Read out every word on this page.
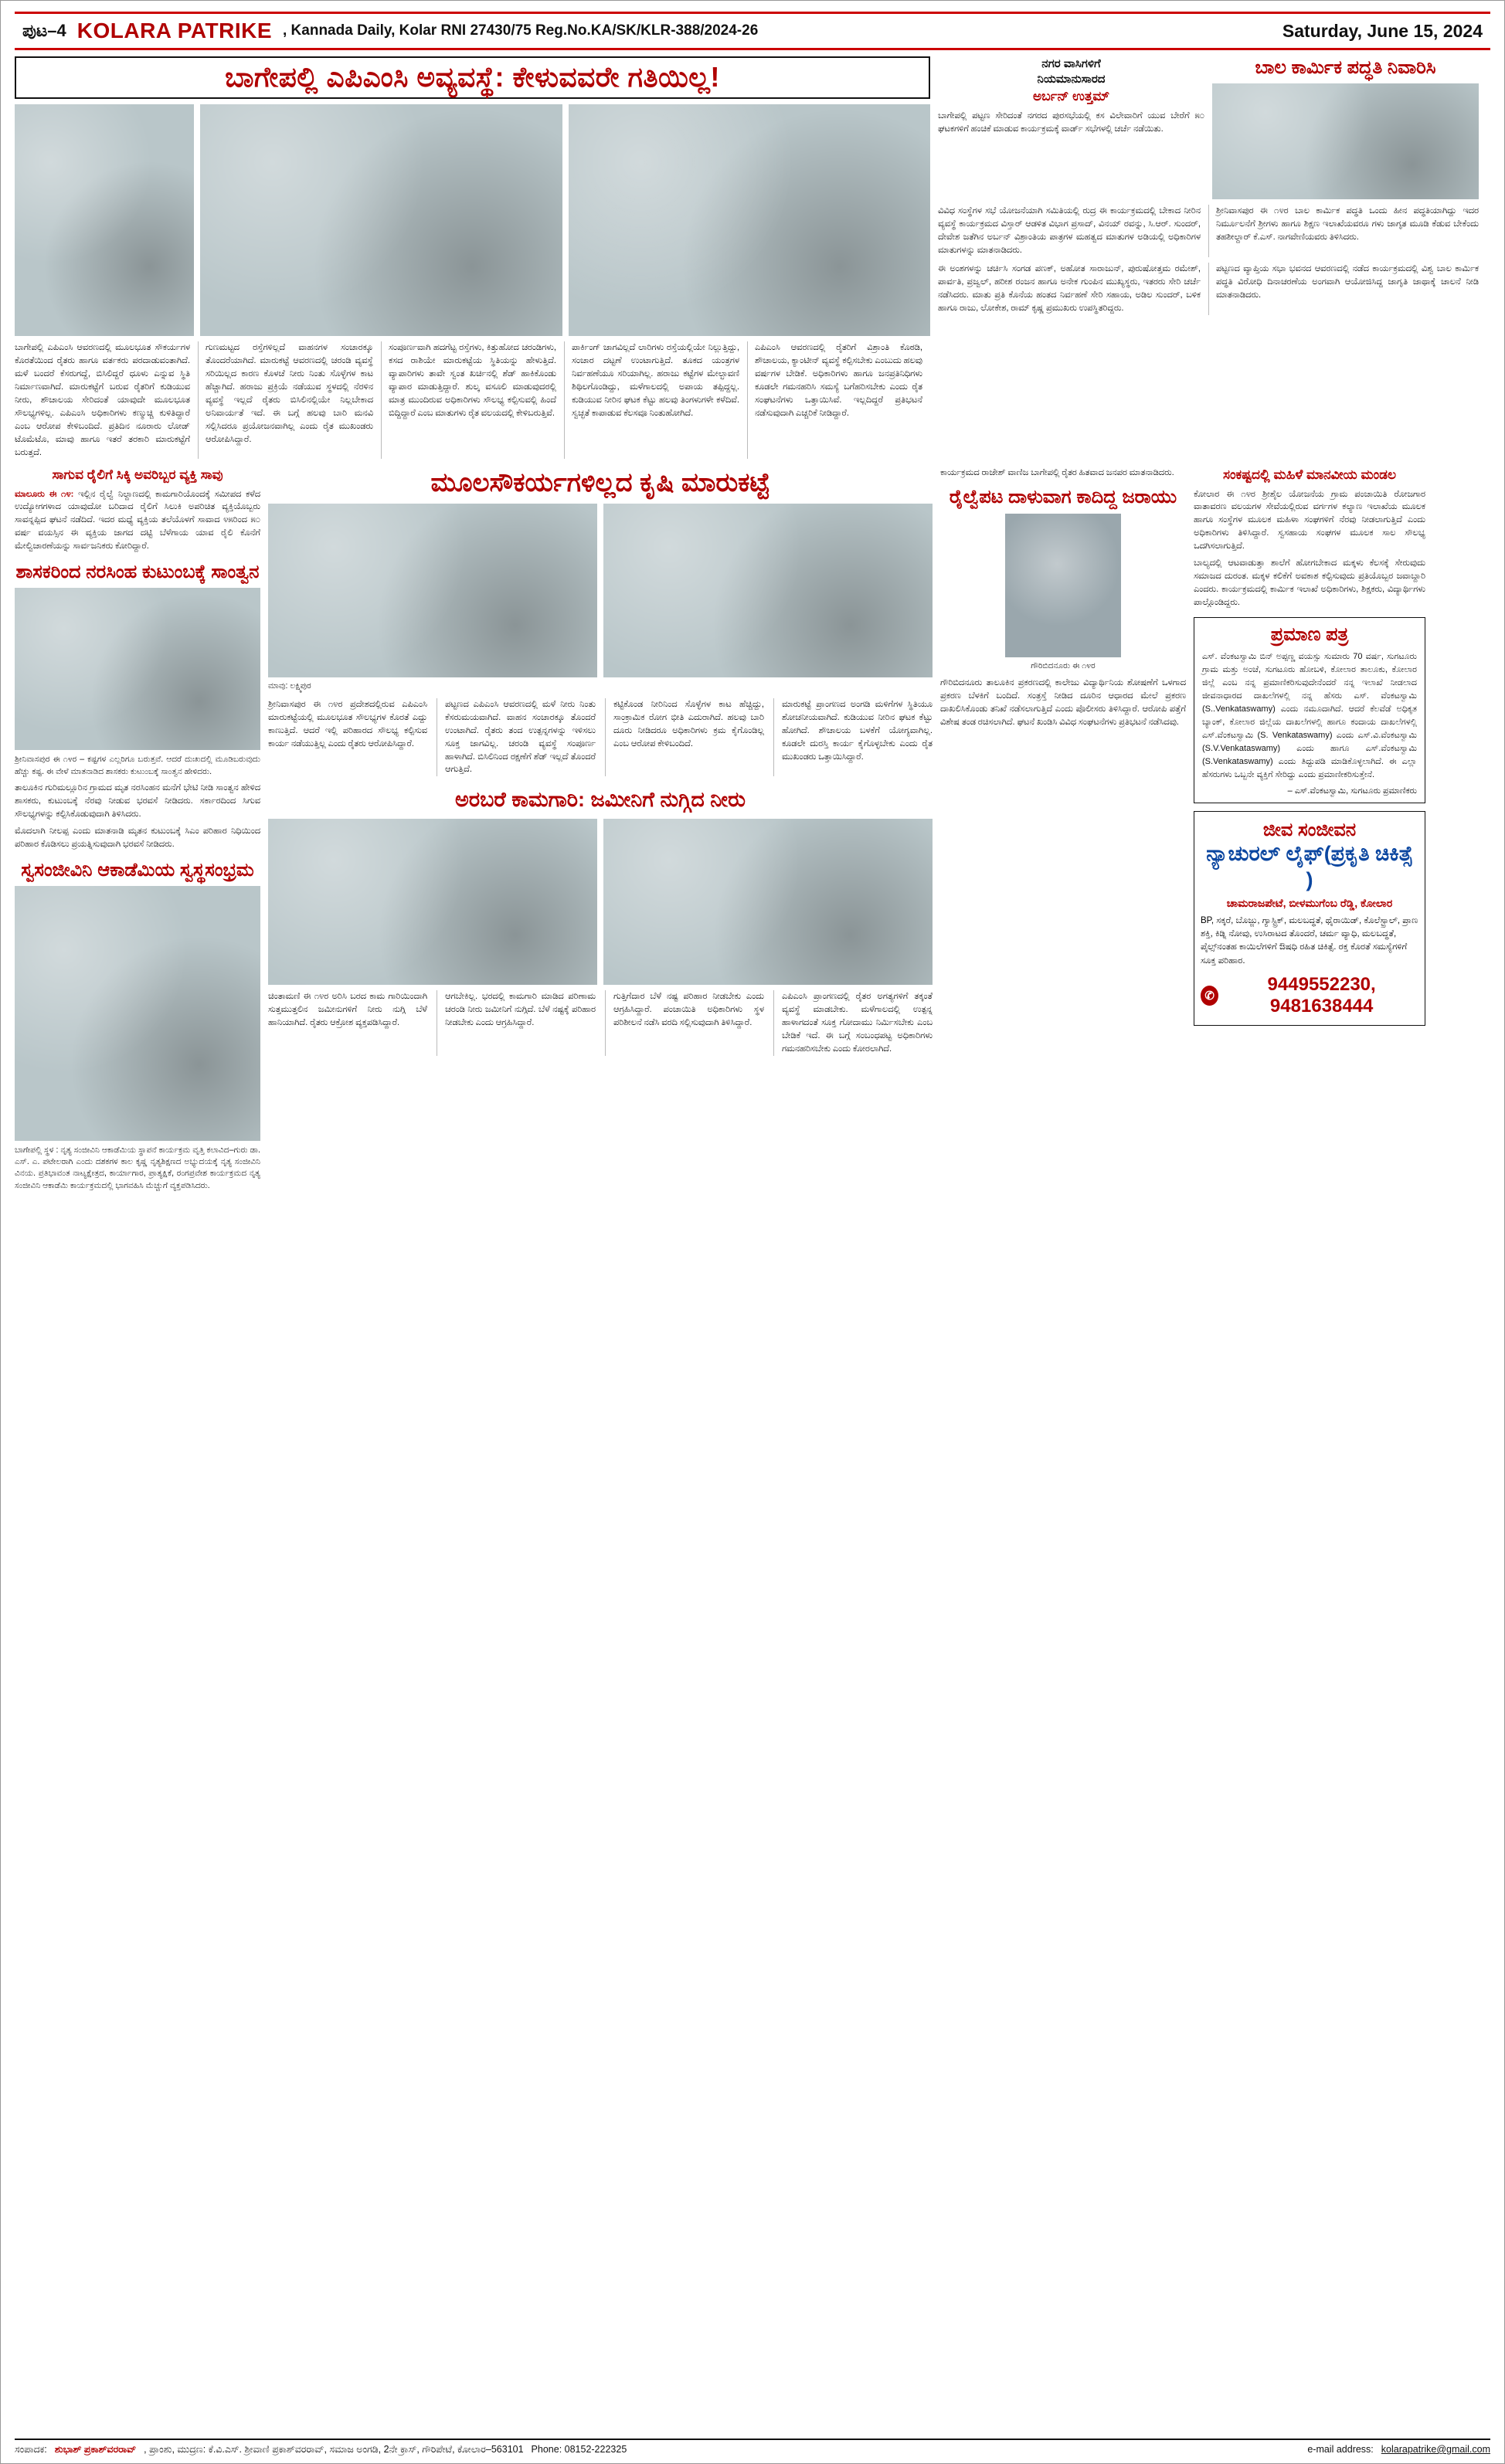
ಪುಟ–4 KOLARA PATRIKE , Kannada Daily, Kolar RNI 27430/75 Reg.No.KA/SK/KLR-388/2024-26	Saturday, June 15, 2024
ಬಾಗೇಪಲ್ಲಿ ಎಪಿಎಂಸಿ ಅವ್ಯವಸ್ಥೆ: ಕೇಳುವವರೇ ಗತಿಯಿಲ್ಲ!
ಬಾಗೇಪಲ್ಲಿ ಎಪಿಎಂಸಿ ಆವರಣದಲ್ಲಿ ಮೂಲಭೂತ ಸೌಕರ್ಯಗಳ ಕೊರತೆಯಿಂದ ರೈತರು ಹಾಗೂ ವರ್ತಕರು ಪರದಾಡುವಂತಾಗಿದೆ. ಮಳೆ ಬಂದರೆ ಕೆಸರುಗದ್ದೆ, ಬಿಸಿಲಿದ್ದರೆ ಧೂಳು ಎನ್ನುವ ಸ್ಥಿತಿ ನಿರ್ಮಾಣವಾಗಿದೆ. ಮಾರುಕಟ್ಟೆಗೆ ಬರುವ ರೈತರಿಗೆ ಕುಡಿಯುವ ನೀರು, ಶೌಚಾಲಯ ಸೇರಿದಂತೆ ಯಾವುದೇ ಮೂಲಭೂತ ಸೌಲಭ್ಯಗಳಿಲ್ಲ. ಎಪಿಎಂಸಿ ಅಧಿಕಾರಿಗಳು ಕಣ್ಮುಚ್ಚಿ ಕುಳಿತಿದ್ದಾರೆ ಎಂಬ ಆರೋಪ ಕೇಳಿಬಂದಿದೆ. ಪ್ರತಿದಿನ ನೂರಾರು ಲೋಡ್ ಟೊಮೆಟೊ, ಮಾವು ಹಾಗೂ ಇತರೆ ತರಕಾರಿ ಮಾರುಕಟ್ಟೆಗೆ ಬರುತ್ತದೆ.
ಗುಣಮಟ್ಟದ ರಸ್ತೆಗಳಿಲ್ಲದೆ ವಾಹನಗಳ ಸಂಚಾರಕ್ಕೂ ತೊಂದರೆಯಾಗಿದೆ. ಮಾರುಕಟ್ಟೆ ಆವರಣದಲ್ಲಿ ಚರಂಡಿ ವ್ಯವಸ್ಥೆ ಸರಿಯಿಲ್ಲದ ಕಾರಣ ಕೊಳಚೆ ನೀರು ನಿಂತು ಸೊಳ್ಳೆಗಳ ಕಾಟ ಹೆಚ್ಚಾಗಿದೆ. ಹರಾಜು ಪ್ರಕ್ರಿಯೆ ನಡೆಯುವ ಸ್ಥಳದಲ್ಲಿ ನೆರಳಿನ ವ್ಯವಸ್ಥೆ ಇಲ್ಲದೆ ರೈತರು ಬಿಸಿಲಿನಲ್ಲಿಯೇ ನಿಲ್ಲಬೇಕಾದ ಅನಿವಾರ್ಯತೆ ಇದೆ. ಈ ಬಗ್ಗೆ ಹಲವು ಬಾರಿ ಮನವಿ ಸಲ್ಲಿಸಿದರೂ ಪ್ರಯೋಜನವಾಗಿಲ್ಲ ಎಂದು ರೈತ ಮುಖಂಡರು ಆರೋಪಿಸಿದ್ದಾರೆ.
ಸಂಪೂರ್ಣವಾಗಿ ಹದಗೆಟ್ಟ ರಸ್ತೆಗಳು, ಕಿತ್ತುಹೋದ ಚರಂಡಿಗಳು, ಕಸದ ರಾಶಿಯೇ ಮಾರುಕಟ್ಟೆಯ ಸ್ಥಿತಿಯನ್ನು ಹೇಳುತ್ತಿದೆ. ವ್ಯಾಪಾರಿಗಳು ತಾವೇ ಸ್ವಂತ ಖರ್ಚಿನಲ್ಲಿ ಶೆಡ್ ಹಾಕಿಕೊಂಡು ವ್ಯಾಪಾರ ಮಾಡುತ್ತಿದ್ದಾರೆ. ಶುಲ್ಕ ವಸೂಲಿ ಮಾಡುವುದರಲ್ಲಿ ಮಾತ್ರ ಮುಂದಿರುವ ಅಧಿಕಾರಿಗಳು ಸೌಲಭ್ಯ ಕಲ್ಪಿಸುವಲ್ಲಿ ಹಿಂದೆ ಬಿದ್ದಿದ್ದಾರೆ ಎಂಬ ಮಾತುಗಳು ರೈತ ವಲಯದಲ್ಲಿ ಕೇಳಿಬರುತ್ತಿವೆ.
ಪಾರ್ಕಿಂಗ್ ಜಾಗವಿಲ್ಲದೆ ಲಾರಿಗಳು ರಸ್ತೆಯಲ್ಲಿಯೇ ನಿಲ್ಲುತ್ತಿದ್ದು, ಸಂಚಾರ ದಟ್ಟಣೆ ಉಂಟಾಗುತ್ತಿದೆ. ತೂಕದ ಯಂತ್ರಗಳ ನಿರ್ವಹಣೆಯೂ ಸರಿಯಾಗಿಲ್ಲ. ಹರಾಜು ಕಟ್ಟೆಗಳ ಮೇಲ್ಛಾವಣಿ ಶಿಥಿಲಗೊಂಡಿದ್ದು, ಮಳೆಗಾಲದಲ್ಲಿ ಅಪಾಯ ತಪ್ಪಿದ್ದಲ್ಲ. ಕುಡಿಯುವ ನೀರಿನ ಘಟಕ ಕೆಟ್ಟು ಹಲವು ತಿಂಗಳುಗಳೇ ಕಳೆದಿವೆ. ಸ್ವಚ್ಛತೆ ಕಾಪಾಡುವ ಕೆಲಸವೂ ನಿಂತುಹೋಗಿದೆ.
ಎಪಿಎಂಸಿ ಆವರಣದಲ್ಲಿ ರೈತರಿಗೆ ವಿಶ್ರಾಂತಿ ಕೊಠಡಿ, ಶೌಚಾಲಯ, ಕ್ಯಾಂಟೀನ್ ವ್ಯವಸ್ಥೆ ಕಲ್ಪಿಸಬೇಕು ಎಂಬುದು ಹಲವು ವರ್ಷಗಳ ಬೇಡಿಕೆ. ಅಧಿಕಾರಿಗಳು ಹಾಗೂ ಜನಪ್ರತಿನಿಧಿಗಳು ಕೂಡಲೇ ಗಮನಹರಿಸಿ ಸಮಸ್ಯೆ ಬಗೆಹರಿಸಬೇಕು ಎಂದು ರೈತ ಸಂಘಟನೆಗಳು ಒತ್ತಾಯಿಸಿವೆ. ಇಲ್ಲದಿದ್ದರೆ ಪ್ರತಿಭಟನೆ ನಡೆಸುವುದಾಗಿ ಎಚ್ಚರಿಕೆ ನೀಡಿದ್ದಾರೆ.
ನಗರ ವಾಸಿಗಳಿಗೆ
ನಿಯಮಾನುಸಾರದ
ಅರ್ಬನ್ ಉತ್ತಮ್
ಬಾಗೇಪಲ್ಲಿ ಪಟ್ಟಣ ಸೇರಿದಂತೆ ನಗರದ ಪುರಸಭೆಯಲ್ಲಿ ಕಸ ವಿಲೇವಾರಿಗೆ ಯುವ ಬೇರೆಗೆ ೫೦ ಘಟಕಗಳಿಗೆ ಹಂಚಿಕೆ ಮಾಡುವ ಕಾರ್ಯಕ್ರಮಕ್ಕೆ ವಾರ್ಡ್ ಸಭೆಗಳಲ್ಲಿ ಚರ್ಚೆ ನಡೆಯಿತು.
ಬಾಲ ಕಾರ್ಮಿಕ ಪದ್ಧತಿ ನಿವಾರಿಸಿ
ವಿವಿಧ ಸಂಸ್ಥೆಗಳ ಸಭೆ ಯೋಜನೆಯಾಗಿ ಸಮಿತಿಯಲ್ಲಿ ರುದ್ರ ಈ ಕಾರ್ಯಕ್ರಮದಲ್ಲಿ ಬೇಕಾದ ನೀರಿನ ವ್ಯವಸ್ಥೆ ಕಾರ್ಯಕ್ರಮದ ವಿಸ್ತಾರ್ ಆಡಳಿತ ವಿಭಾಗ ಪ್ರಸಾದ್, ವಿನಯ್ ರವನ್ನು, ಸಿ.ಆರ್. ಸುಂದರ್, ದೇವೇಶ ಜತೆಗಿನ ಅರ್ಬನ್ ವಿಶ್ರಾಂತಿಯ ಪಾತ್ರಗಳ ಮಹತ್ವದ ಮಾತುಗಳ ಅಡಿಯಲ್ಲಿ ಅಧಿಕಾರಿಗಳ ಮಾತುಗಳನ್ನು ಮಾತನಾಡಿದರು.
ಶ್ರೀನಿವಾಸಪುರ ಈ ೧೪ರ ಬಾಲ ಕಾರ್ಮಿಕ ಪದ್ಧತಿ ಒಂದು ಹೀನ ಪದ್ಧತಿಯಾಗಿದ್ದು ಇದರ ನಿರ್ಮೂಲನೆಗೆ ಶ್ರೀಗಳು ಹಾಗೂ ಶಿಕ್ಷಣ ಇಲಾಖೆಯವರೂ ಗಳು ಜಾಗೃತ ಮೂಡಿ ಕೆಡುವ ಬೇಕೆಂದು ತಹಶೀಲ್ದಾರ್ ಕೆ.ಎಸ್. ನಾಗವೇಣಿಯವರು ತಿಳಿಸಿದರು.
ಈ ಅಂಶಗಳನ್ನು ಚರ್ಚಿಸಿ ಸಂಗಡ ಪಣಕ್, ಅಹೋತ ಸಾರಾಜುನ್, ಪುರುಷೋತ್ತಮ ರಮೇಶ್, ಪಾರ್ವತಿ, ಪ್ರಜ್ವಲ್, ಹರೀಶ ರಂಜನ ಹಾಗೂ ಅನೇಕ ಗುಂಪಿನ ಮುಖ್ಯಸ್ಥರು, ಇತರರು ಸೇರಿ ಚರ್ಚೆ ನಡೆಸಿದರು. ಮಾತು ಪ್ರತಿ ಕೊನೆಯ ಹಂತದ ನಿರ್ವಹಣೆ ಸೇರಿ ಸಹಾಯ, ಅಡಿಲ ಸುಂದರ್, ಬಳಿಕ ಹಾಗೂ ರಾಜು, ಲೋಕೇಶ, ರಾಮ್ ಕೃಷ್ಣ ಪ್ರಮುಖರು ಉಪಸ್ಥಿತರಿದ್ದರು.
ಪಟ್ಟಣದ ವ್ಯಾಪ್ತಿಯ ಸಭಾ ಭವನದ ಆವರಣದಲ್ಲಿ ನಡೆದ ಕಾರ್ಯಕ್ರಮದಲ್ಲಿ ವಿಶ್ವ ಬಾಲ ಕಾರ್ಮಿಕ ಪದ್ಧತಿ ವಿರೋಧಿ ದಿನಾಚರಣೆಯ ಅಂಗವಾಗಿ ಆಯೋಜಿಸಿದ್ದ ಜಾಗೃತಿ ಜಾಥಾಕ್ಕೆ ಚಾಲನೆ ನೀಡಿ ಮಾತನಾಡಿದರು.
ಸಾಗುವ ರೈಲಿಗೆ ಸಿಕ್ಕಿ ಅವರಿಬ್ಬರ ವ್ಯಕ್ತಿ ಸಾವು
ಮಾಲೂರು ಈ ೧೪: ಇಲ್ಲಿನ ರೈಲ್ವೆ ನಿಲ್ದಾಣದಲ್ಲಿ ಕಾಮಗಾರಿಯೊಂದಕ್ಕೆ ಸಮೀಪದ ಕಳೆದ ಉದ್ಯೋಗಗಳಾದ ಯಾವುದೋ ಬರಿದಾದ ರೈಲಿಗೆ ಸಿಲುಕಿ ಅಪರಿಚಿತ ವ್ಯಕ್ತಿಯೊಬ್ಬರು ಸಾವನ್ನಪ್ಪಿದ ಘಟನೆ ನಡೆದಿದೆ. ಇದರ ಮಧ್ಯೆ ವ್ಯಕ್ತಿಯ ತಲೆಯೊಳಗೆ ಸಾವಾದ ೪೫ರಿಂದ ೫೦ ವರ್ಷ ವಯಸ್ಸಿನ ಈ ವ್ಯಕ್ತಿಯ ಜಾಗದ ದಟ್ಟಿ ಬೆಳೆಗಾಯ ಯಾವ ರೈಲಿ ಕೊನೆಗೆ ಮೇಲ್ವಿಚಾರಣೆಯನ್ನು ಸಾರ್ವಜನಿಕರು ಕೋರಿದ್ದಾರೆ.
ಶಾಸಕರಿಂದ ನರಸಿಂಹ ಕುಟುಂಬಕ್ಕೆ ಸಾಂತ್ವನ
ಶ್ರೀನಿವಾಸಪುರ ಈ ೧೪ರ – ಕಷ್ಟಗಳ ಎಲ್ಲರಿಗೂ ಬರುತ್ತವೆ. ಆದರೆ ದುಃಖದಲ್ಲಿ ಮೂಡಿಬರುವುದು ಹೆಚ್ಚು ಕಷ್ಟ. ಈ ವೇಳೆ ಮಾತನಾಡಿದ ಶಾಸಕರು ಕುಟುಂಬಕ್ಕೆ ಸಾಂತ್ವನ ಹೇಳಿದರು.
ತಾಲೂಕಿನ ಗುರಿಮಲ್ಲೂರಿನ ಗ್ರಾಮದ ಮೃತ ನರಸಿಂಹನ ಮನೆಗೆ ಭೇಟಿ ನೀಡಿ ಸಾಂತ್ವನ ಹೇಳಿದ ಶಾಸಕರು, ಕುಟುಂಬಕ್ಕೆ ನೆರವು ನೀಡುವ ಭರವಸೆ ನೀಡಿದರು. ಸರ್ಕಾರದಿಂದ ಸಿಗುವ ಸೌಲಭ್ಯಗಳನ್ನು ಕಲ್ಪಿಸಿಕೊಡುವುದಾಗಿ ತಿಳಿಸಿದರು.
ಮೊದಲಾಗಿ ನೀಲಪ್ಪ ಎಂದು ಮಾತನಾಡಿ ಮೃತನ ಕುಟುಂಬಕ್ಕೆ ಸಿಎಂ ಪರಿಹಾರ ನಿಧಿಯಿಂದ ಪರಿಹಾರ ಕೊಡಿಸಲು ಪ್ರಯತ್ನಿಸುವುದಾಗಿ ಭರವಸೆ ನೀಡಿದರು.
ಸ್ವಸಂಜೀವಿನಿ ಆಕಾಡೆಮಿಯ ಸ್ವಸ್ಥಸಂಭ್ರಮ
ಬಾಗೇಪಲ್ಲಿ ಸ್ಥಳ : ನೃತ್ಯ ಸಂಜೀವಿನಿ ಆಕಾಡೆಮಿಯ ಸ್ಥಾಪನೆ ಕಾರ್ಯಕ್ರಮ ವೃತ್ತಿ ಕಲಾವಿದ–ಗುರು ಡಾ. ಎಸ್. ಎ. ಪಟೇಲರಾಗಿ ಎಂದು ದಶಕಗಳ ಕಾಲ ಕೃಷ್ಣ ನೃತ್ಯಶಿಕ್ಷಣದ ಅಭ್ಯುದಯಕ್ಕೆ ನೃತ್ಯ ಸಂಜೀವಿನಿ ವಿನಯ. ಪ್ರತಿಭಾವಂತ ನಾಟ್ಯಕ್ಷೇತ್ರದ, ಕಾರ್ಯಾಗಾರ, ಪ್ರಾತ್ಯಕ್ಷಿಕೆ, ರಂಗಪ್ರವೇಶ ಕಾರ್ಯಕ್ರಮದ ನೃತ್ಯ ಸಂಜೀವಿನಿ ಆಕಾಡೆಮಿ ಕಾರ್ಯಕ್ರಮದಲ್ಲಿ ಭಾಗವಹಿಸಿ ಮೆಚ್ಚುಗೆ ವ್ಯಕ್ತಪಡಿಸಿದರು.
ಮೂಲಸೌಕರ್ಯಗಳಿಲ್ಲದ ಕೃಷಿ ಮಾರುಕಟ್ಟೆ
ಮಾವು: ಲಕ್ಷ್ಮಿಪುರ
ಶ್ರೀನಿವಾಸಪುರ ಈ ೧೪ರ ಪ್ರದೇಶದಲ್ಲಿರುವ ಎಪಿಎಂಸಿ ಮಾರುಕಟ್ಟೆಯಲ್ಲಿ ಮೂಲಭೂತ ಸೌಲಭ್ಯಗಳ ಕೊರತೆ ಎದ್ದು ಕಾಣುತ್ತಿದೆ. ಆದರೆ ಇಲ್ಲಿ ಪರಿಹಾರದ ಸೌಲಭ್ಯ ಕಲ್ಪಿಸುವ ಕಾರ್ಯ ನಡೆಯುತ್ತಿಲ್ಲ ಎಂದು ರೈತರು ಆರೋಪಿಸಿದ್ದಾರೆ.
ಪಟ್ಟಣದ ಎಪಿಎಂಸಿ ಆವರಣದಲ್ಲಿ ಮಳೆ ನೀರು ನಿಂತು ಕೆಸರುಮಯವಾಗಿದೆ. ವಾಹನ ಸಂಚಾರಕ್ಕೂ ತೊಂದರೆ ಉಂಟಾಗಿದೆ. ರೈತರು ತಂದ ಉತ್ಪನ್ನಗಳನ್ನು ಇಳಿಸಲು ಸೂಕ್ತ ಜಾಗವಿಲ್ಲ. ಚರಂಡಿ ವ್ಯವಸ್ಥೆ ಸಂಪೂರ್ಣ ಹಾಳಾಗಿದೆ. ಬಿಸಿಲಿನಿಂದ ರಕ್ಷಣೆಗೆ ಶೆಡ್ ಇಲ್ಲದೆ ತೊಂದರೆ ಆಗುತ್ತಿದೆ.
ಕಟ್ಟಿಕೊಂಡ ನೀರಿನಿಂದ ಸೊಳ್ಳೆಗಳ ಕಾಟ ಹೆಚ್ಚಿದ್ದು, ಸಾಂಕ್ರಾಮಿಕ ರೋಗ ಭೀತಿ ಎದುರಾಗಿದೆ. ಹಲವು ಬಾರಿ ದೂರು ನೀಡಿದರೂ ಅಧಿಕಾರಿಗಳು ಕ್ರಮ ಕೈಗೊಂಡಿಲ್ಲ ಎಂಬ ಆರೋಪ ಕೇಳಿಬಂದಿದೆ.
ಮಾರುಕಟ್ಟೆ ಪ್ರಾಂಗಣದ ಅಂಗಡಿ ಮಳಿಗೆಗಳ ಸ್ಥಿತಿಯೂ ಶೋಚನೀಯವಾಗಿದೆ. ಕುಡಿಯುವ ನೀರಿನ ಘಟಕ ಕೆಟ್ಟು ಹೋಗಿದೆ. ಶೌಚಾಲಯ ಬಳಕೆಗೆ ಯೋಗ್ಯವಾಗಿಲ್ಲ. ಕೂಡಲೇ ದುರಸ್ತಿ ಕಾರ್ಯ ಕೈಗೊಳ್ಳಬೇಕು ಎಂದು ರೈತ ಮುಖಂಡರು ಒತ್ತಾಯಿಸಿದ್ದಾರೆ.
ಅರಬರೆ ಕಾಮಗಾರಿ: ಜಮೀನಿಗೆ ನುಗ್ಗಿದ ನೀರು
ಚಿಂತಾಮಣಿ ಈ ೧೪ರ ಅರಿಸಿ ಬರದ ಕಾಮ ಗಾರಿಯಿಂದಾಗಿ ಸುತ್ತಮುತ್ತಲಿನ ಜಮೀನುಗಳಿಗೆ ನೀರು ನುಗ್ಗಿ ಬೆಳೆ ಹಾನಿಯಾಗಿದೆ. ರೈತರು ಆಕ್ರೋಶ ವ್ಯಕ್ತಪಡಿಸಿದ್ದಾರೆ.
ಆಗಬೇಕಿಲ್ಲ. ಭರದಲ್ಲಿ ಕಾಮಗಾರಿ ಮಾಡಿದ ಪರಿಣಾಮ ಚರಂಡಿ ನೀರು ಜಮೀನಿಗೆ ನುಗ್ಗಿದೆ. ಬೆಳೆ ನಷ್ಟಕ್ಕೆ ಪರಿಹಾರ ನೀಡಬೇಕು ಎಂದು ಆಗ್ರಹಿಸಿದ್ದಾರೆ.
ಗುತ್ತಿಗೆದಾರ ಬೆಳೆ ನಷ್ಟ ಪರಿಹಾರ ನೀಡಬೇಕು ಎಂದು ಆಗ್ರಹಿಸಿದ್ದಾರೆ. ಪಂಚಾಯಿತಿ ಅಧಿಕಾರಿಗಳು ಸ್ಥಳ ಪರಿಶೀಲನೆ ನಡೆಸಿ ವರದಿ ಸಲ್ಲಿಸುವುದಾಗಿ ತಿಳಿಸಿದ್ದಾರೆ.
ಎಪಿಎಂಸಿ ಪ್ರಾಂಗಣದಲ್ಲಿ ರೈತರ ಅಗತ್ಯಗಳಿಗೆ ತಕ್ಕಂತೆ ವ್ಯವಸ್ಥೆ ಮಾಡಬೇಕು. ಮಳೆಗಾಲದಲ್ಲಿ ಉತ್ಪನ್ನ ಹಾಳಾಗದಂತೆ ಸೂಕ್ತ ಗೋದಾಮು ನಿರ್ಮಿಸಬೇಕು ಎಂಬ ಬೇಡಿಕೆ ಇದೆ. ಈ ಬಗ್ಗೆ ಸಂಬಂಧಪಟ್ಟ ಅಧಿಕಾರಿಗಳು ಗಮನಹರಿಸಬೇಕು ಎಂದು ಕೋರಲಾಗಿದೆ.
ಕಾರ್ಯಕ್ರಮದ ರಾಜೇಶ್ ವಾಣಿಜ ಬಾಗೇಪಲ್ಲಿ ರೈತರ ಹಿತವಾದ ಜನಪರ ಮಾತನಾಡಿದರು.
ರೈಲ್ವೆಪಟ ದಾಳುವಾಗ ಕಾದಿದ್ದ ಜರಾಯು
ಗೌರಿಬಿದನೂರು ಈ ೧೪ರ
ಗೌರಿಬಿದನೂರು ತಾಲೂಕಿನ ಪ್ರಕರಣದಲ್ಲಿ ಕಾಲೇಜು ವಿದ್ಯಾರ್ಥಿನಿಯ ಶೋಷಣೆಗೆ ಒಳಗಾದ ಪ್ರಕರಣ ಬೆಳಕಿಗೆ ಬಂದಿದೆ. ಸಂತ್ರಸ್ತೆ ನೀಡಿದ ದೂರಿನ ಆಧಾರದ ಮೇಲೆ ಪ್ರಕರಣ ದಾಖಲಿಸಿಕೊಂಡು ತನಿಖೆ ನಡೆಸಲಾಗುತ್ತಿದೆ ಎಂದು ಪೊಲೀಸರು ತಿಳಿಸಿದ್ದಾರೆ. ಆರೋಪಿ ಪತ್ತೆಗೆ ವಿಶೇಷ ತಂಡ ರಚಿಸಲಾಗಿದೆ. ಘಟನೆ ಖಂಡಿಸಿ ವಿವಿಧ ಸಂಘಟನೆಗಳು ಪ್ರತಿಭಟನೆ ನಡೆಸಿದವು.
ಸಂಕಷ್ಟದಲ್ಲಿ ಮಹಿಳೆ ಮಾನವೀಯ ಮಂಡಲ
ಕೋಲಾರ ಈ ೧೪ರ ಶ್ರೀಶೈಲ ಯೋಜನೆಯ ಗ್ರಾಮ ಪಂಚಾಯಿತಿ ರೋಜಗಾರ ವಾತಾವರಣ ವಲಯಗಳ ಸೇವೆಯಲ್ಲಿರುವ ವರ್ಗಗಳ ಕಲ್ಯಾಣ ಇಲಾಖೆಯ ಮೂಲಕ ಹಾಗೂ ಸಂಸ್ಥೆಗಳ ಮೂಲಕ ಮಹಿಳಾ ಸಂಘಗಳಿಗೆ ನೆರವು ನೀಡಲಾಗುತ್ತಿದೆ ಎಂದು ಅಧಿಕಾರಿಗಳು ತಿಳಿಸಿದ್ದಾರೆ. ಸ್ವಸಹಾಯ ಸಂಘಗಳ ಮೂಲಕ ಸಾಲ ಸೌಲಭ್ಯ ಒದಗಿಸಲಾಗುತ್ತಿದೆ.
ಬಾಲ್ಯದಲ್ಲಿ ಆಟವಾಡುತ್ತಾ ಶಾಲೆಗೆ ಹೋಗಬೇಕಾದ ಮಕ್ಕಳು ಕೆಲಸಕ್ಕೆ ಸೇರುವುದು ಸಮಾಜದ ದುರಂತ. ಮಕ್ಕಳ ಕಲಿಕೆಗೆ ಅವಕಾಶ ಕಲ್ಪಿಸುವುದು ಪ್ರತಿಯೊಬ್ಬರ ಜವಾಬ್ದಾರಿ ಎಂದರು. ಕಾರ್ಯಕ್ರಮದಲ್ಲಿ ಕಾರ್ಮಿಕ ಇಲಾಖೆ ಅಧಿಕಾರಿಗಳು, ಶಿಕ್ಷಕರು, ವಿದ್ಯಾರ್ಥಿಗಳು ಪಾಲ್ಗೊಂಡಿದ್ದರು.
ಪ್ರಮಾಣ ಪತ್ರ

ಎಸ್. ವೆಂಕಟಸ್ವಾಮಿ ಬಿನ್ ಅಪ್ಪಣ್ಣ ವಯಸ್ಸು ಸುಮಾರು 70 ವರ್ಷ, ಸುಗಟೂರು ಗ್ರಾಮ ಮತ್ತು ಅಂಚೆ, ಸುಗಟೂರು ಹೋಬಳಿ, ಕೋಲಾರ ತಾಲೂಕು, ಕೋಲಾರ ಜಿಲ್ಲೆ ಎಂಬ ನನ್ನ ಪ್ರಮಾಣಿಕರಿಸುವುದೇನೆಂದರೆ ನನ್ನ ಇಲಾಖೆ ನೀಡಲಾದ ಜೀವನಾಧಾರದ ದಾಖಲೆಗಳಲ್ಲಿ ನನ್ನ ಹೆಸರು ಎಸ್. ವೆಂಕಟಸ್ವಾಮಿ (S..Venkataswamy) ಎಂದು ನಮೂದಾಗಿದೆ. ಆದರೆ ಕೆಲವೆಡೆ ಅಧಿಕೃತ ಬ್ಯಾಂಕ್, ಕೋಲಾರ ಜಿಲ್ಲೆಯ ದಾಖಲೆಗಳಲ್ಲಿ ಹಾಗೂ ಕಂದಾಯ ದಾಖಲೆಗಳಲ್ಲಿ ಎಸ್.ವೆಂಕಟಸ್ವಾಮಿ (S. Venkataswamy) ಎಂದು ಎಸ್.ವಿ.ವೆಂಕಟಸ್ವಾಮಿ (S.V.Venkataswamy) ಎಂದು ಹಾಗೂ ಎಸ್.ವೆಂಕಟಸ್ವಾಮಿ (S.Venkataswamy) ಎಂದು ತಿದ್ದುಪಡಿ ಮಾಡಿಕೊಳ್ಳಲಾಗಿದೆ. ಈ ಎಲ್ಲಾ ಹೆಸರುಗಳು ಒಬ್ಬನೇ ವ್ಯಕ್ತಿಗೆ ಸೇರಿದ್ದು ಎಂದು ಪ್ರಮಾಣೀಕರಿಸುತ್ತೇನೆ.

– ಎಸ್.ವೆಂಕಟಸ್ವಾಮಿ, ಸುಗಟೂರು ಪ್ರಮಾಣಿಕರು
ಜೀವ ಸಂಜೀವನ
ನ್ಯಾಚುರಲ್ ಲೈಫ್(ಪ್ರಕೃತಿ ಚಿಕಿತ್ಸೆ )
ಚಾಮರಾಜಪೇಟೆ, ಬೀಳಮುಗೆಂಬ ರೆಡ್ಡಿ, ಕೋಲಾರ
BP, ಸಕ್ಕರೆ, ಬೊಜ್ಜು, ಗ್ಯಾಸ್ಟ್ರಿಕ್, ಮಲಬದ್ಧತೆ, ಥೈರಾಯಿಡ್, ಕೊಲೆಸ್ಟ್ರಾಲ್, ಪ್ರಾಣ ಶಕ್ತಿ, ಕಿಡ್ನಿ ನೋವು, ಉಸಿರಾಟದ ತೊಂದರೆ, ಚರ್ಮ ವ್ಯಾಧಿ, ಮಲಬದ್ಧತೆ, ಪೈಲ್ಸ್‌ನಂತಹ ಕಾಯಿಲೆಗಳಿಗೆ ಔಷಧಿ ರಹಿತ ಚಿಕಿತ್ಸೆ. ರಕ್ತ ಕೊರತೆ ಸಮಸ್ಯೆಗಳಿಗೆ ಸೂಕ್ತ ಪರಿಹಾರ.
✆
9449552230, 9481638444
ಸಂಪಾದಕ: ಶುಭಾಶ್ ಪ್ರಕಾಶ್‌ವರರಾವ್ , ಪ್ರಾಂಶು, ಮುದ್ರಣ: ಕೆ.ವಿ.ಎಸ್. ಶ್ರೀವಾಣಿ ಪ್ರಕಾಶ್‌ವರರಾವ್, ಸಮಾಜ ಅಂಗಡಿ, 2ನೇ ಕ್ರಾಸ್, ಗೌರಿಪೇಟೆ, ಕೋಲಾರ–563101 Phone: 08152-222325	e-mail address: kolarapatrike@gmail.com
